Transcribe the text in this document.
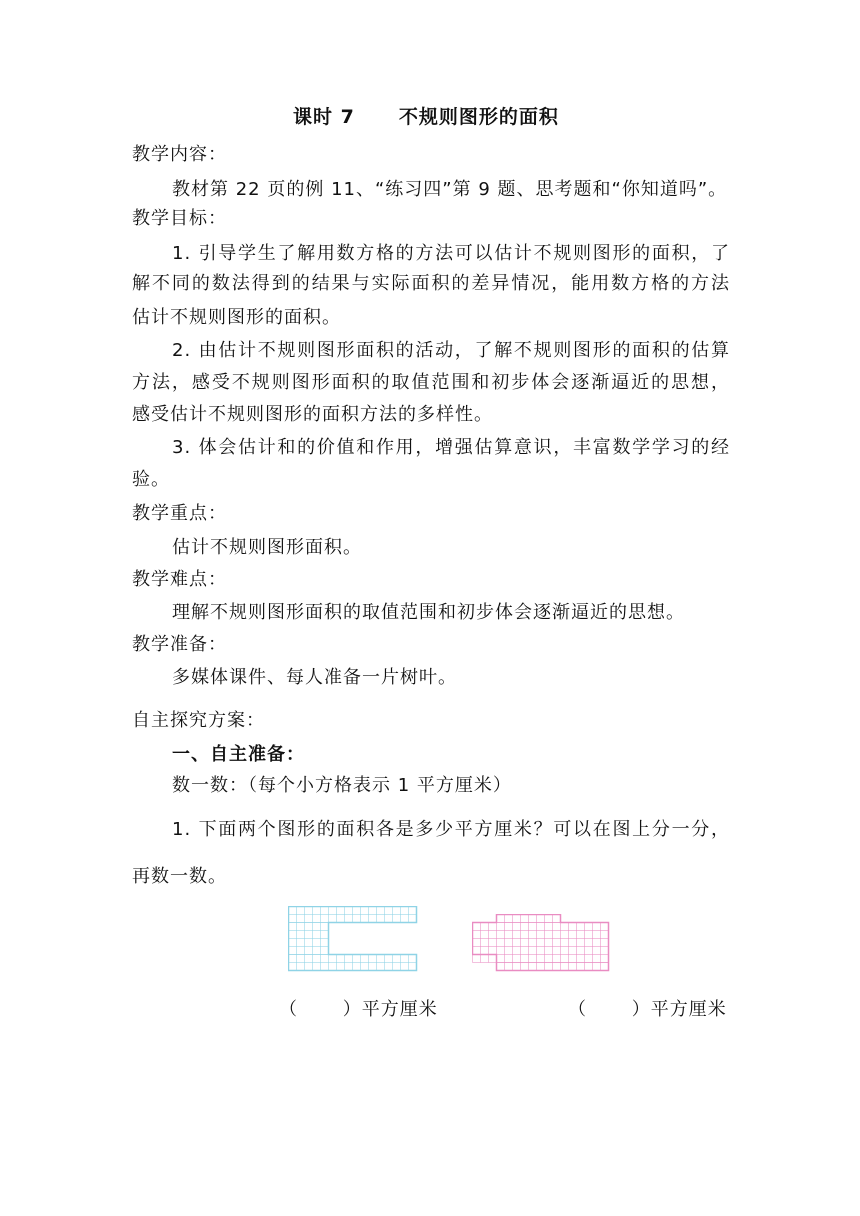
课时 7 不规则图形的面积
教学内容：
教材第 22 页的例 11、“练习四”第 9 题、思考题和“你知道吗”。
教学目标：
1. 引导学生了解用数方格的方法可以估计不规则图形的面积，了
解不同的数法得到的结果与实际面积的差异情况，能用数方格的方法
估计不规则图形的面积。
2. 由估计不规则图形面积的活动，了解不规则图形的面积的估算
方法，感受不规则图形面积的取值范围和初步体会逐渐逼近的思想，
感受估计不规则图形的面积方法的多样性。
3. 体会估计和的价值和作用，增强估算意识，丰富数学学习的经
验。
教学重点：
估计不规则图形面积。
教学难点：
理解不规则图形面积的取值范围和初步体会逐渐逼近的思想。
教学准备：
多媒体课件、每人准备一片树叶。
自主探究方案：
一、自主准备：
数一数：（每个小方格表示 1 平方厘米）
1. 下面两个图形的面积各是多少平方厘米？可以在图上分一分，
再数一数。
（　　 ）平方厘米	（　　 ）平方厘米
